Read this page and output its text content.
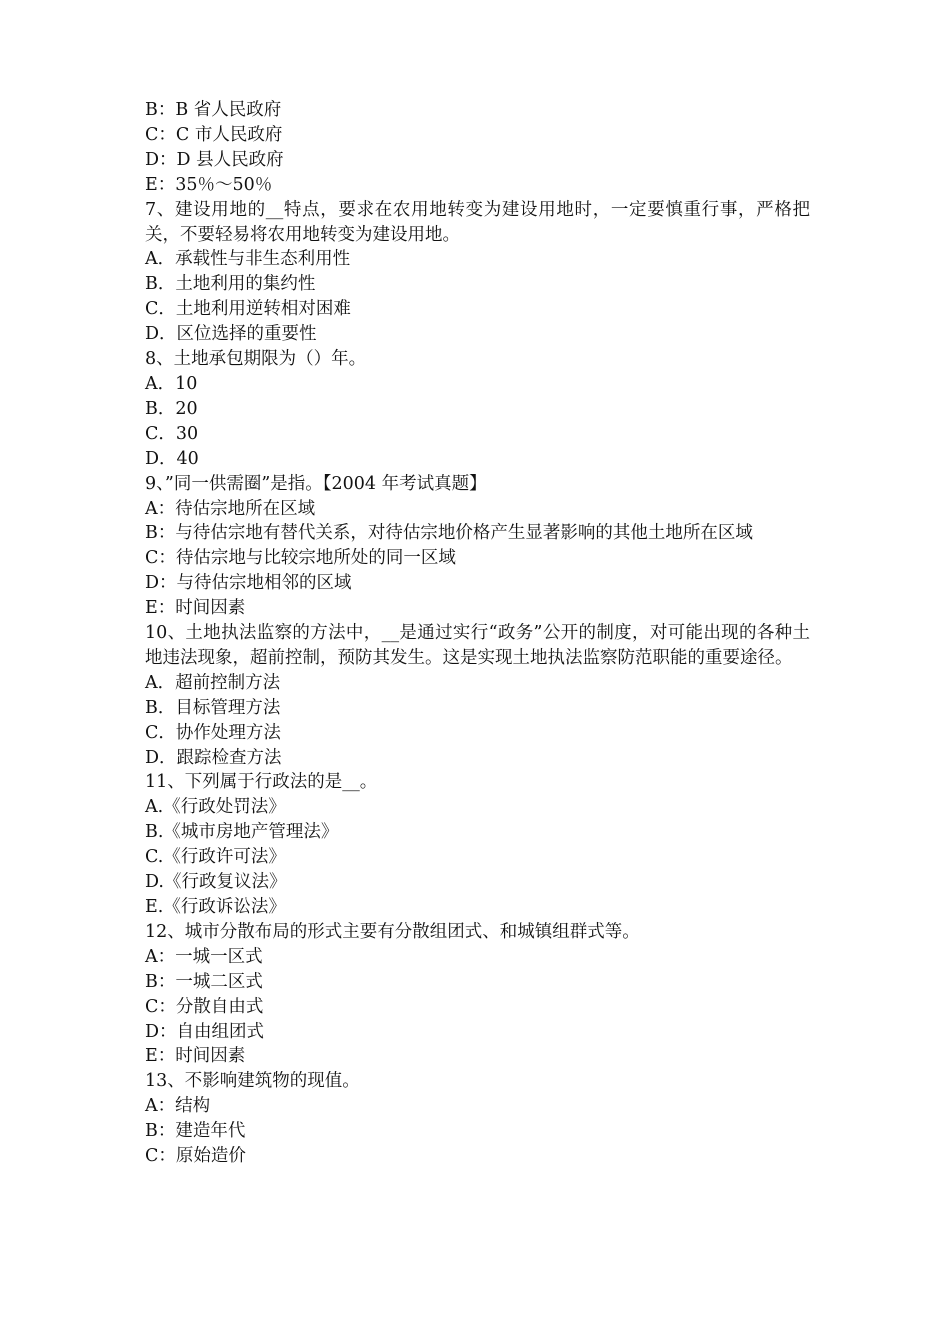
B：B 省人民政府

C：C 市人民政府

D：D 县人民政府

E：35％～50％

7、建设用地的__特点，要求在农用地转变为建设用地时，一定要慎重行事，严格把关，不要轻易将农用地转变为建设用地。

A．承载性与非生态利用性

B．土地利用的集约性

C．土地利用逆转相对困难

D．区位选择的重要性

8、土地承包期限为（）年。

A．10

B．20

C．30

D．40

9、”同一供需圈”是指。【2004 年考试真题】

A：待估宗地所在区域

B：与待估宗地有替代关系，对待估宗地价格产生显著影响的其他土地所在区域

C：待估宗地与比较宗地所处的同一区域

D：与待估宗地相邻的区域

E：时间因素

10、土地执法监察的方法中，__是通过实行“政务”公开的制度，对可能出现的各种土地违法现象，超前控制，预防其发生。这是实现土地执法监察防范职能的重要途径。

A．超前控制方法

B．目标管理方法

C．协作处理方法

D．跟踪检查方法

11、下列属于行政法的是__。

A.《行政处罚法》

B.《城市房地产管理法》

C.《行政许可法》

D.《行政复议法》

E.《行政诉讼法》

12、城市分散布局的形式主要有分散组团式、和城镇组群式等。

A：一城一区式

B：一城二区式

C：分散自由式

D：自由组团式

E：时间因素

13、不影响建筑物的现值。

A：结构

B：建造年代

C：原始造价
